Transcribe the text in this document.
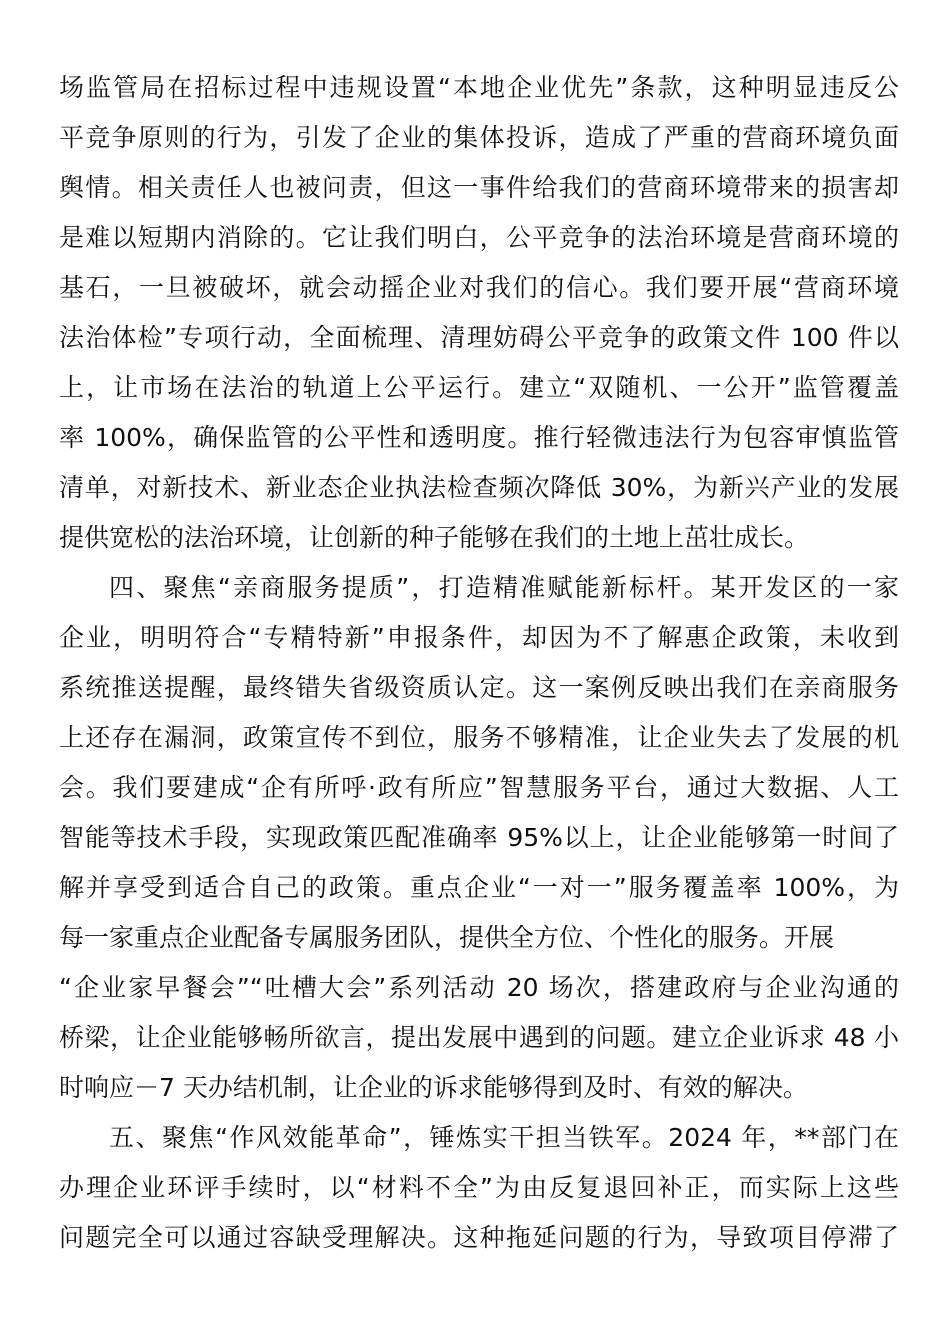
场监管局在招标过程中违规设置“本地企业优先”条款，这种明显违反公
平竞争原则的行为，引发了企业的集体投诉，造成了严重的营商环境负面
舆情。相关责任人也被问责，但这一事件给我们的营商环境带来的损害却
是难以短期内消除的。它让我们明白，公平竞争的法治环境是营商环境的
基石，一旦被破坏，就会动摇企业对我们的信心。我们要开展“营商环境
法治体检”专项行动，全面梳理、清理妨碍公平竞争的政策文件 100 件以
上，让市场在法治的轨道上公平运行。建立“双随机、一公开”监管覆盖
率 100%，确保监管的公平性和透明度。推行轻微违法行为包容审慎监管
清单，对新技术、新业态企业执法检查频次降低 30%，为新兴产业的发展
提供宽松的法治环境，让创新的种子能够在我们的土地上茁壮成长。
四、聚焦“亲商服务提质”，打造精准赋能新标杆。某开发区的一家
企业，明明符合“专精特新”申报条件，却因为不了解惠企政策，未收到
系统推送提醒，最终错失省级资质认定。这一案例反映出我们在亲商服务
上还存在漏洞，政策宣传不到位，服务不够精准，让企业失去了发展的机
会。我们要建成“企有所呼·政有所应”智慧服务平台，通过大数据、人工
智能等技术手段，实现政策匹配准确率 95%以上，让企业能够第一时间了
解并享受到适合自己的政策。重点企业“一对一”服务覆盖率 100%，为
每一家重点企业配备专属服务团队，提供全方位、个性化的服务。开展
“企业家早餐会”“吐槽大会”系列活动 20 场次，搭建政府与企业沟通的
桥梁，让企业能够畅所欲言，提出发展中遇到的问题。建立企业诉求 48 小
时响应－7 天办结机制，让企业的诉求能够得到及时、有效的解决。
五、聚焦“作风效能革命”，锤炼实干担当铁军。2024 年，**部门在
办理企业环评手续时，以“材料不全”为由反复退回补正，而实际上这些
问题完全可以通过容缺受理解决。这种拖延问题的行为，导致项目停滞了
